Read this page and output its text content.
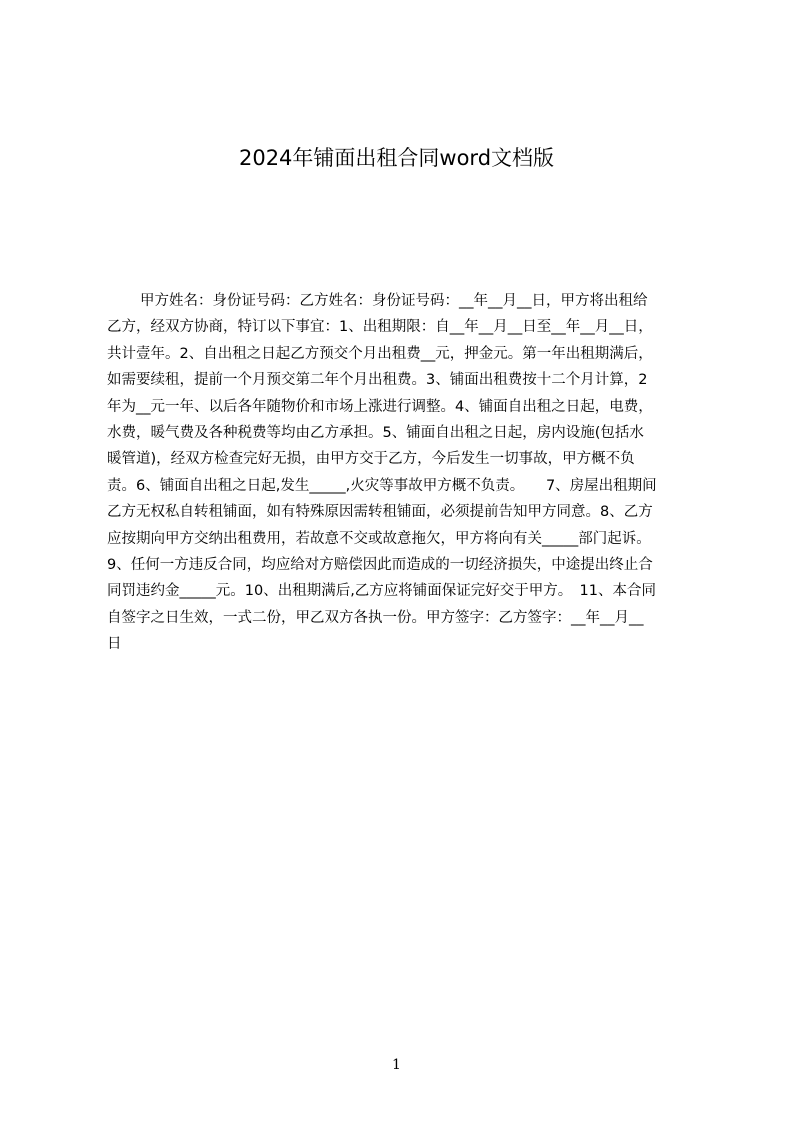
2024年铺面出租合同word文档版
甲方姓名：身份证号码：乙方姓名：身份证号码：__年__月__日，甲方将出租给
乙方，经双方协商，特订以下事宜：1、出租期限：自__年__月__日至__年__月__日，
共计壹年。2、自出租之日起乙方预交个月出租费__元，押金元。第一年出租期满后，
如需要续租，提前一个月预交第二年个月出租费。3、铺面出租费按十二个月计算，2
年为__元一年、以后各年随物价和市场上涨进行调整。4、铺面自出租之日起，电费，
水费，暖气费及各种税费等均由乙方承担。5、铺面自出租之日起，房内设施(包括水
暖管道)，经双方检查完好无损，由甲方交于乙方，今后发生一切事故，甲方概不负
责。6、铺面自出租之日起,发生_____,火灾等事故甲方概不负责。　　7、房屋出租期间
乙方无权私自转租铺面，如有特殊原因需转租铺面，必须提前告知甲方同意。8、乙方
应按期向甲方交纳出租费用，若故意不交或故意拖欠，甲方将向有关_____部门起诉。
9、任何一方违反合同，均应给对方赔偿因此而造成的一切经济损失，中途提出终止合
同罚违约金_____元。10、出租期满后,乙方应将铺面保证完好交于甲方。　11、本合同
自签字之日生效，一式二份，甲乙双方各执一份。甲方签字：乙方签字：__年__月__
日
1
